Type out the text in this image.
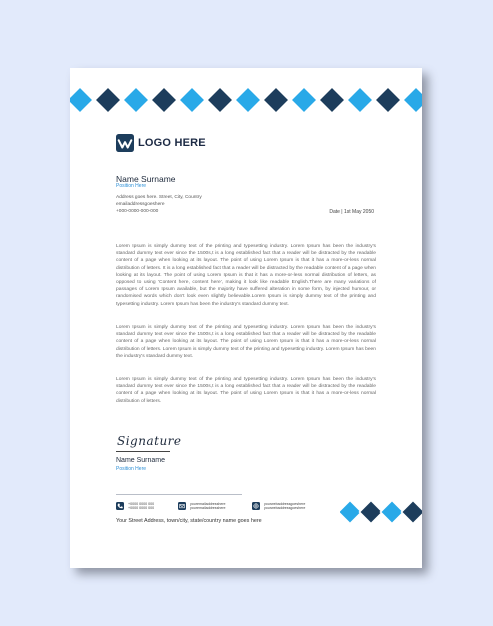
LOGO HERE
Name Surname
Position Here
Address goes here. Street, City, Country
emailaddressgoeshere
+000-0000-000-000	Date | 1st May 2050

Lorem Ipsum is simply dummy text of the printing and typesetting industry. Lorem Ipsum has been the industry's standard dummy text ever since the 1500s,t is a long established fact that a reader will be distracted by the readable content of a page when looking at its layout. The point of using Lorem Ipsum is that it has a more-or-less normal distribution of letters. It is a long established fact that a reader will be distracted by the readable content of a page when looking at its layout. The point of using Lorem Ipsum is that it has a more-or-less normal distribution of letters, as opposed to using 'Content here, content here', making it look like readable English.There are many variations of passages of Lorem Ipsum available, but the majority have suffered alteration in some form, by injected humour, or randomised words which don't look even slightly believable.Lorem Ipsum is simply dummy text of the printing and typesetting industry. Lorem Ipsum has been the industry's standard dummy text.

Lorem Ipsum is simply dummy text of the printing and typesetting industry. Lorem Ipsum has been the industry's standard dummy text ever since the 1500s,t is a long established fact that a reader will be distracted by the readable content of a page when looking at its layout. The point of using Lorem Ipsum is that it has a more-or-less normal distribution of letters. Lorem Ipsum is simply dummy text of the printing and typesetting industry. Lorem Ipsum has been the industry's standard dummy text.

Lorem Ipsum is simply dummy text of the printing and typesetting industry. Lorem Ipsum has been the industry's standard dummy text ever since the 1500s,t is a long established fact that a reader will be distracted by the readable content of a page when looking at its layout. The point of using Lorem Ipsum is that it has a more-or-less normal distribution of letters.

Signature
Name Surname
Position Here
+0000 0000 000
+0000 0000 000
youremailaddresshere
youremailaddresshere
yourwebaddressgoeshere
yourwebaddressgoeshere
Your Street Address, town/city, state/country name goes here
